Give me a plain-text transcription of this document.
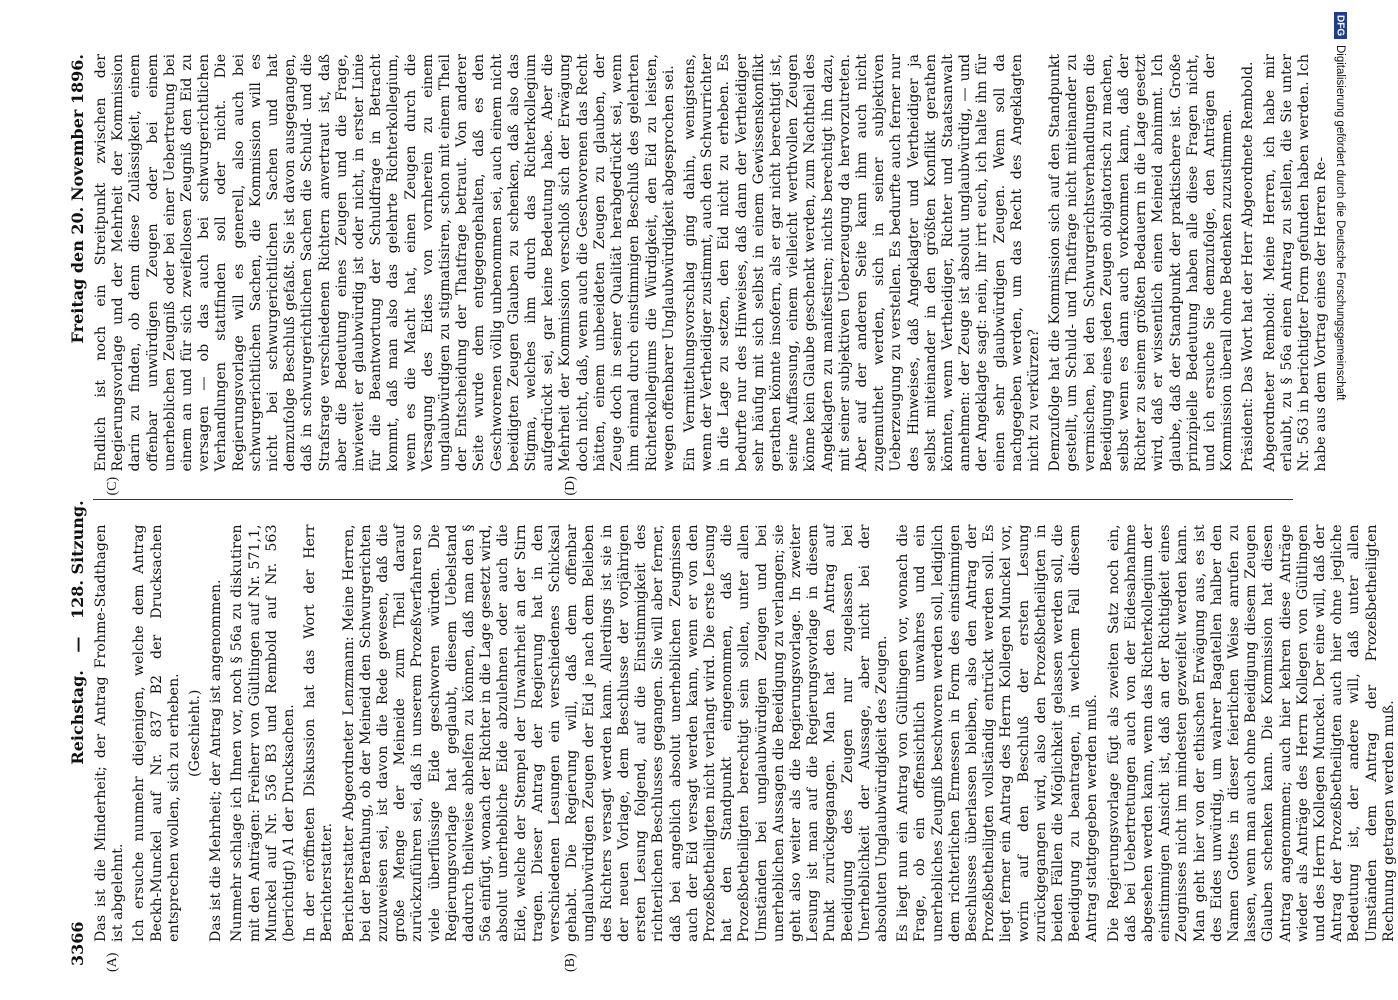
3366
Reichstag. — 128. Sitzung.
Freitag den 20. November 1896.
(A)	(B)

Das ist die Minderheit; der Antrag Frohme-Stadthagen ist abgelehnt. Ich ersuche nunmehr diejenigen, welche dem Antrag Beckh-Munckel auf Nr. 837 B2 der Drucksachen entsprechen wollen, sich zu erheben. (Geschieht.) Das ist die Mehrheit; der Antrag ist angenommen. Nunmehr schlage ich Ihnen vor, noch § 56a zu diskutiren mit den Anträgen: Freiherr von Gültlingen auf Nr. 571,1, Munckel auf Nr. 536 B3 und Rembold auf Nr. 563 (berichtigt) A1 der Drucksachen. In der eröffneten Diskussion hat das Wort der Herr Berichterstatter. Berichterstatter Abgeordneter Lenzmann: Meine Herren, bei der Berathung, ob der Meineid den Schwurgerichten zuzuweisen sei, ist davon die Rede gewesen, daß die große Menge der Meineide zum Theil darauf zurückzuführen sei, daß in unserem Prozeßverfahren so viele überflüssige Eide geschworen würden. Die Regierungsvorlage hat geglaubt, diesem Uebelstand dadurch theilweise abhelfen zu können, daß man den § 56a einfügt, wonach der Richter in die Lage gesetzt wird, absolut unerhebliche Eide abzulehnen oder auch die Eide, welche der Stempel der Unwahrheit an der Stirn tragen. Dieser Antrag der Regierung hat in den verschiedenen Lesungen ein verschiedenes Schicksal gehabt. Die Regierung will, daß dem offenbar unglaubwürdigen Zeugen der Eid je nach dem Belieben des Richters versagt werden kann. Allerdings ist sie in der neuen Vorlage, dem Beschlusse der vorjährigen ersten Lesung folgend, auf die Einstimmigkeit des richterlichen Beschlusses gegangen. Sie will aber ferner, daß bei angeblich absolut unerheblichen Zeugnissen auch der Eid versagt werden kann, wenn er von den Prozeßbetheiligten nicht verlangt wird. Die erste Lesung hat den Standpunkt eingenommen, daß die Prozeßbetheiligten berechtigt sein sollen, unter allen Umständen bei unglaubwürdigen Zeugen und bei unerheblichen Aussagen die Beeidigung zu verlangen; sie geht also weiter als die Regierungsvorlage. In zweiter Lesung ist man auf die Regierungsvorlage in diesem Punkt zurückgegangen. Man hat den Antrag auf Beeidigung des Zeugen nur zugelassen bei Unerheblichkeit der Aussage, aber nicht bei der absoluten Unglaubwürdigkeit des Zeugen. Es liegt nun ein Antrag von Gültlingen vor, wonach die Frage, ob ein offensichtlich unwahres und ein unerhebliches Zeugniß beschworen werden soll, lediglich dem richterlichen Ermessen in Form des einstimmigen Beschlusses überlassen bleiben, also den Antrag der Prozeßbetheiligten vollständig entrückt werden soll. Es liegt ferner ein Antrag des Herrn Kollegen Munckel vor, worin auf den Beschluß der ersten Lesung zurückgegangen wird, also den Prozeßbetheiligten in beiden Fällen die Möglichkeit gelassen werden soll, die Beeidigung zu beantragen, in welchem Fall diesem Antrag stattgegeben werden muß. Die Regierungsvorlage fügt als zweiten Satz noch ein, daß bei Uebertretungen auch von der Eidesabnahme abgesehen werden kann, wenn das Richterkollegium der einstimmigen Ansicht ist, daß an der Richtigkeit eines Zeugnisses nicht im mindesten gezweifelt werden kann. Man geht hier von der ethischen Erwägung aus, es ist des Eides unwürdig, um wahrer Bagatellen halber den Namen Gottes in dieser feierlichen Weise anrufen zu lassen, wenn man auch ohne Beeidigung diesem Zeugen Glauben schenken kann. Die Kommission hat diesen Antrag angenommen; auch hier kehren diese Anträge wieder als Anträge des Herrn Kollegen von Gültlingen und des Herrn Kollegen Munckel. Der eine will, daß der Antrag der Prozeßbetheiligten auch hier ohne jegliche Bedeutung ist, der andere will, daß unter allen Umständen dem Antrag der Prozeßbetheiligten Rechnung getragen werden muß.

(C)	(D)

Endlich ist noch ein Streitpunkt zwischen der Regierungsvorlage und der Mehrheit der Kommission darin zu finden, ob denn diese Zulässigkeit, einem offenbar unwürdigen Zeugen oder bei einem unerheblichen Zeugniß oder bei einer Uebertretung bei einem an und für sich zweifellosen Zeugniß den Eid zu versagen — ob das auch bei schwurgerichtlichen Verhandlungen stattfinden soll oder nicht. Die Regierungsvorlage will es generell, also auch bei schwurgerichtlichen Sachen, die Kommission will es nicht bei schwurgerichtlichen Sachen und hat demzufolge Beschluß gefaßt. Sie ist davon ausgegangen, daß in schwurgerichtlichen Sachen die Schuld- und die Strafsrage verschiedenen Richtern anvertraut ist, daß aber die Bedeutung eines Zeugen und die Frage, inwieweit er glaubwürdig ist oder nicht, in erster Linie für die Beantwortung der Schuldfrage in Betracht kommt, daß man also das gelehrte Richterkollegium, wenn es die Macht hat, einen Zeugen durch die Versagung des Eides von vornherein zu einem unglaubwürdigen zu stigmatisiren, schon mit einem Theil der Entscheidung der Thatfrage betraut. Von anderer Seite wurde dem entgegengehalten, daß es den Geschworenen völlig unbenommen sei, auch einem nicht beeidigten Zeugen Glauben zu schenken, daß also das Stigma, welches ihm durch das Richterkollegium aufgedrückt sei, gar keine Bedeutung habe. Aber die Mehrheit der Kommission verschloß sich der Erwägung doch nicht, daß, wenn auch die Geschworenen das Recht hätten, einem unbeeideten Zeugen zu glauben, der Zeuge doch in seiner Qualität herabgedrückt sei, wenn ihm einmal durch einstimmigen Beschluß des gelehrten Richterkollegiums die Würdigkeit, den Eid zu leisten, wegen offenbarer Unglaubwürdigkeit abgesprochen sei. Ein Vermittelungsvorschlag ging dahin, wenigstens, wenn der Vertheidiger zustimmt, auch den Schwurrichter in die Lage zu setzen, den Eid nicht zu erheben. Es bedurfte nur des Hinweises, daß dann der Vertheidiger sehr häufig mit sich selbst in einem Gewissenskonflikt gerathen könnte insofern, als er gar nicht berechtigt ist, seine Auffassung, einem vielleicht werthvollen Zeugen könne kein Glaube geschenkt werden, zum Nachtheil des Angeklagten zu manifestiren; nichts berechtigt ihn dazu, mit seiner subjektiven Ueberzeugung da hervorzutreten. Aber auf der anderen Seite kann ihm auch nicht zugemuthet werden, sich in seiner subjektiven Ueberzeugung zu verstellen. Es bedurfte auch ferner nur des Hinweises, daß Angeklagter und Vertheidiger ja selbst miteinander in den größten Konflikt gerathen könnten, wenn Vertheidiger, Richter und Staatsanwalt annehmen: der Zeuge ist absolut unglaubwürdig, — und der Angeklagte sagt: nein, ihr irrt euch, ich halte ihn für einen sehr glaubwürdigen Zeugen. Wenn soll da nachgegeben werden, um das Recht des Angeklagten nicht zu verkürzen? Demzufolge hat die Kommission sich auf den Standpunkt gestellt, um Schuld- und Thatfrage nicht miteinander zu vermischen, bei den Schwurgerichtsverhandlungen die Beeidigung eines jeden Zeugen obligatorisch zu machen, selbst wenn es dann auch vorkommen kann, daß der Richter zu seinem größten Bedauern in die Lage gesetzt wird, daß er wissentlich einen Meineid abnimmt. Ich glaube, daß der Standpunkt der praktischere ist. Große prinzipielle Bedeutung haben alle diese Fragen nicht, und ich ersuche Sie demzufolge, den Anträgen der Kommission überall ohne Bedenken zuzustimmen. Präsident: Das Wort hat der Herr Abgeordnete Rembold. Abgeordneter Rembold: Meine Herren, ich habe mir erlaubt, zu § 56a einen Antrag zu stellen, die Sie unter Nr. 563 in berichtigter Form gefunden haben werden. Ich habe aus dem Vortrag eines der Herren Re-

DFG
Digitalisierung gefördert durch die Deutsche Forschungsgemeinschaft
